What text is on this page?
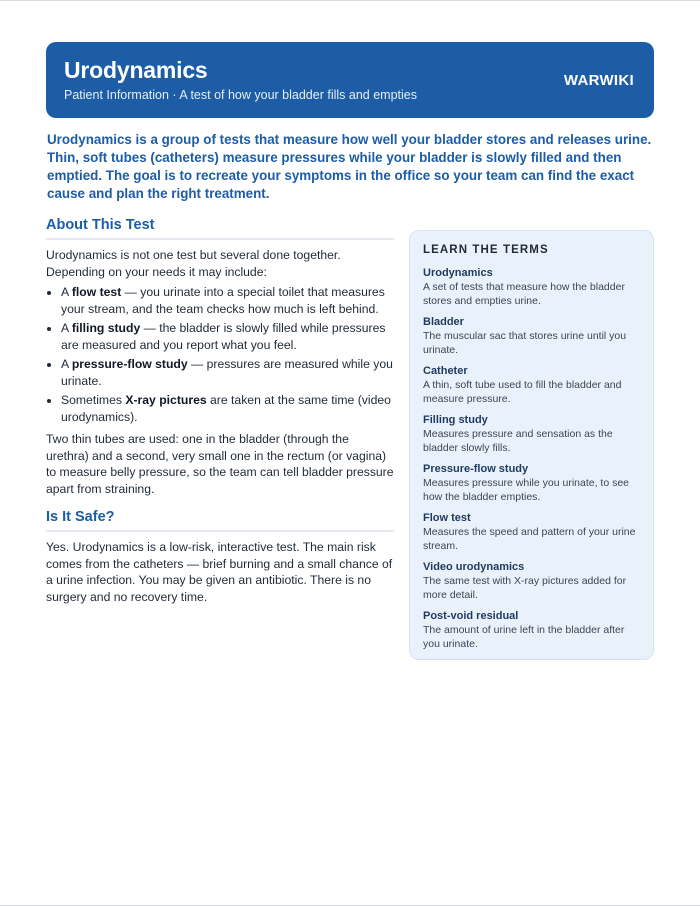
Urodynamics
Patient Information · A test of how your bladder fills and empties
WARWIKI
Urodynamics is a group of tests that measure how well your bladder stores and releases urine. Thin, soft tubes (catheters) measure pressures while your bladder is slowly filled and then emptied. The goal is to recreate your symptoms in the office so your team can find the exact cause and plan the right treatment.
About This Test

Urodynamics is not one test but several done together. Depending on your needs it may include:

• A flow test — you urinate into a special toilet that measures your stream, and the team checks how much is left behind.
• A filling study — the bladder is slowly filled while pressures are measured and you report what you feel.
• A pressure-flow study — pressures are measured while you urinate.
• Sometimes X-ray pictures are taken at the same time (video urodynamics).

Two thin tubes are used: one in the bladder (through the urethra) and a second, very small one in the rectum (or vagina) to measure belly pressure, so the team can tell bladder pressure apart from straining.

Is It Safe?

Yes. Urodynamics is a low-risk, interactive test. The main risk comes from the catheters — brief burning and a small chance of a urine infection. You may be given an antibiotic. There is no surgery and no recovery time.

LEARN THE TERMS
Urodynamics
A set of tests that measure how the bladder stores and empties urine.
Bladder
The muscular sac that stores urine until you urinate.
Catheter
A thin, soft tube used to fill the bladder and measure pressure.
Filling study
Measures pressure and sensation as the bladder slowly fills.
Pressure-flow study
Measures pressure while you urinate, to see how the bladder empties.
Flow test
Measures the speed and pattern of your urine stream.
Video urodynamics
The same test with X-ray pictures added for more detail.
Post-void residual
The amount of urine left in the bladder after you urinate.
